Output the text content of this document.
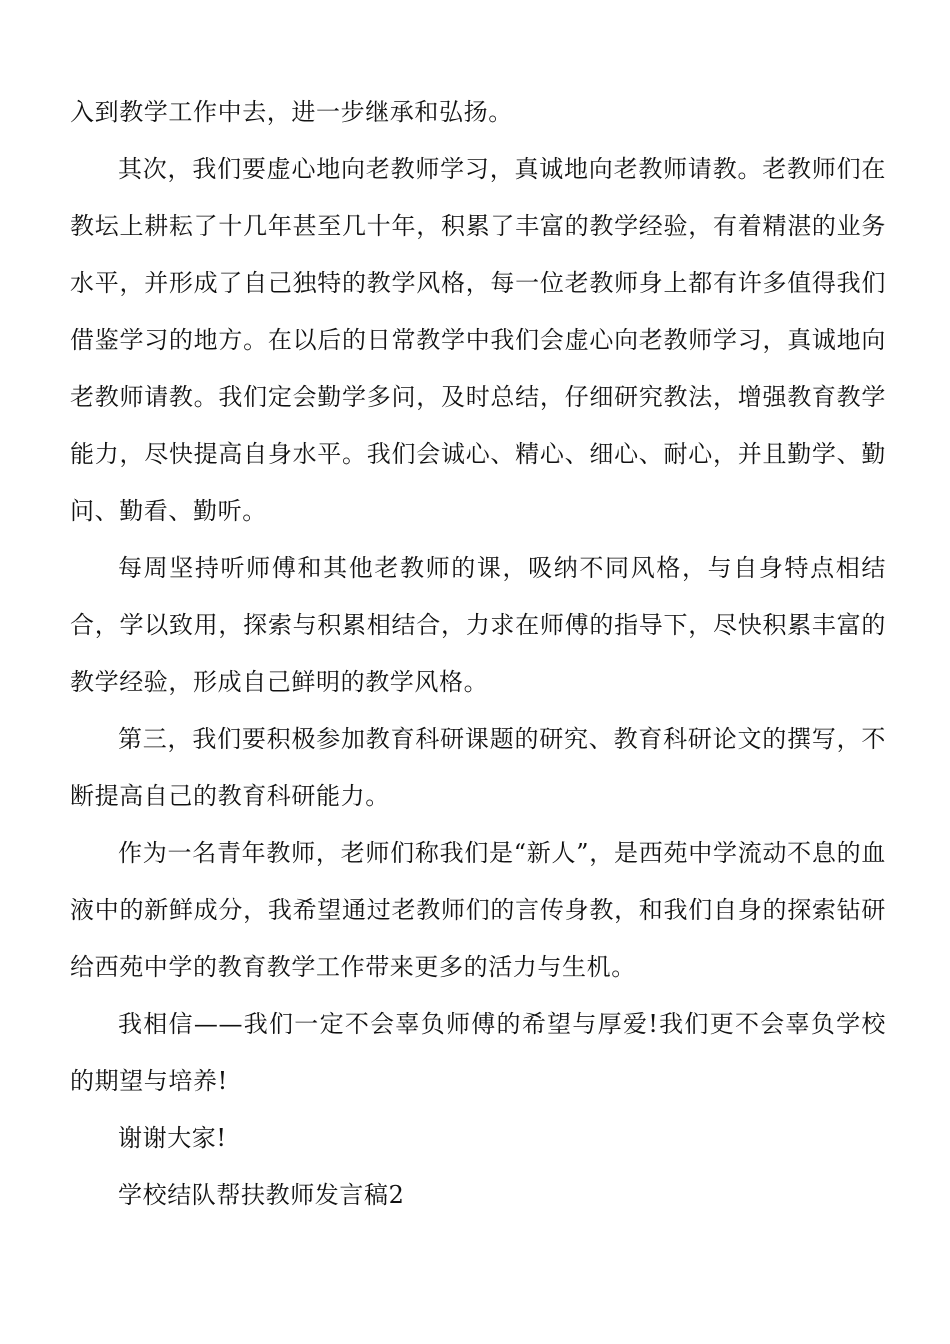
入到教学工作中去，进一步继承和弘扬。

其次，我们要虚心地向老教师学习，真诚地向老教师请教。老教师们在教坛上耕耘了十几年甚至几十年，积累了丰富的教学经验，有着精湛的业务水平，并形成了自己独特的教学风格，每一位老教师身上都有许多值得我们借鉴学习的地方。在以后的日常教学中我们会虚心向老教师学习，真诚地向老教师请教。我们定会勤学多问，及时总结，仔细研究教法，增强教育教学能力，尽快提高自身水平。我们会诚心、精心、细心、耐心，并且勤学、勤问、勤看、勤听。

每周坚持听师傅和其他老教师的课，吸纳不同风格，与自身特点相结合，学以致用，探索与积累相结合，力求在师傅的指导下，尽快积累丰富的教学经验，形成自己鲜明的教学风格。

第三，我们要积极参加教育科研课题的研究、教育科研论文的撰写，不断提高自己的教育科研能力。

作为一名青年教师，老师们称我们是“新人”，是西苑中学流动不息的血液中的新鲜成分，我希望通过老教师们的言传身教，和我们自身的探索钻研给西苑中学的教育教学工作带来更多的活力与生机。

我相信——我们一定不会辜负师傅的希望与厚爱!我们更不会辜负学校的期望与培养!

谢谢大家!

学校结队帮扶教师发言稿2
